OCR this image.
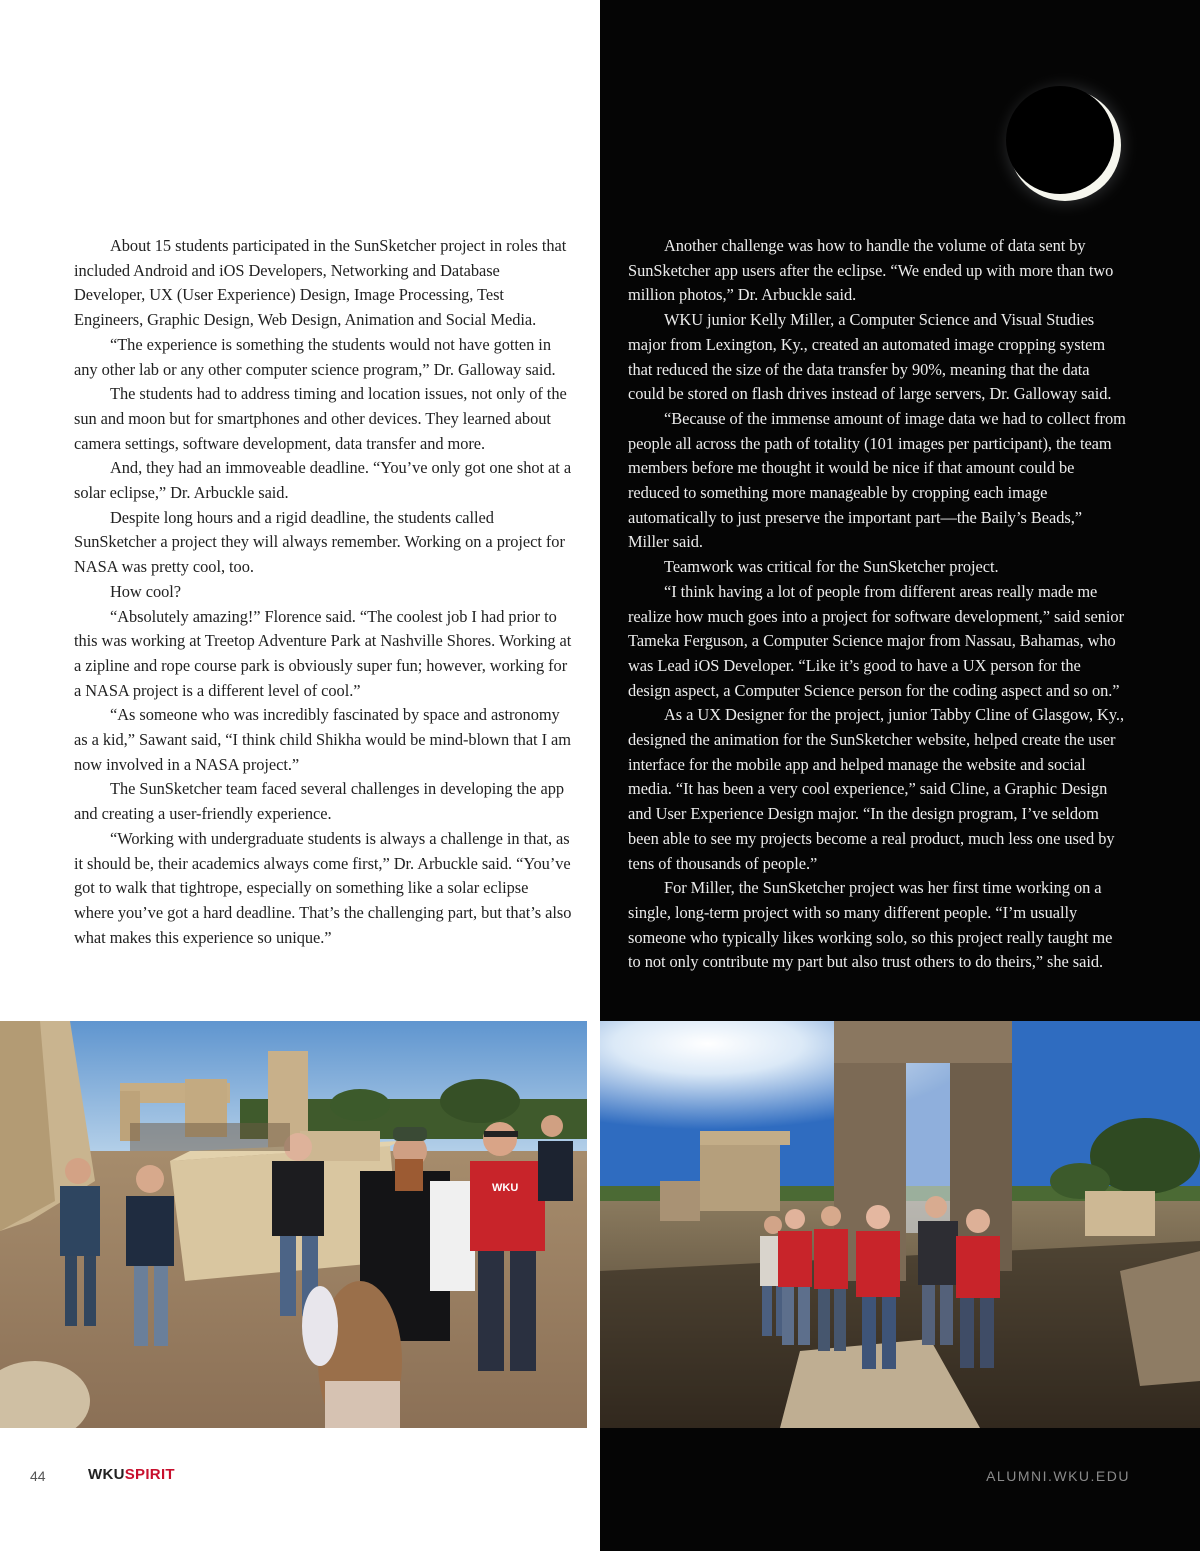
About 15 students participated in the SunSketcher project in roles that included Android and iOS Developers, Networking and Database Developer, UX (User Experience) Design, Image Processing, Test Engineers, Graphic Design, Web Design, Animation and Social Media.

“The experience is something the students would not have gotten in any other lab or any other computer science program,” Dr. Galloway said.

The students had to address timing and location issues, not only of the sun and moon but for smartphones and other devices. They learned about camera settings, software development, data transfer and more.

And, they had an immoveable deadline. “You’ve only got one shot at a solar eclipse,” Dr. Arbuckle said.

Despite long hours and a rigid deadline, the students called SunSketcher a project they will always remember. Working on a project for NASA was pretty cool, too.

How cool?

“Absolutely amazing!” Florence said. “The coolest job I had prior to this was working at Treetop Adventure Park at Nashville Shores. Working at a zipline and rope course park is obviously super fun; however, working for a NASA project is a different level of cool.”

“As someone who was incredibly fascinated by space and astronomy as a kid,” Sawant said, “I think child Shikha would be mind-blown that I am now involved in a NASA project.”

The SunSketcher team faced several challenges in developing the app and creating a user-friendly experience.

“Working with undergraduate students is always a challenge in that, as it should be, their academics always come first,” Dr. Arbuckle said. “You’ve got to walk that tightrope, especially on something like a solar eclipse where you’ve got a hard deadline. That’s the challenging part, but that’s also what makes this experience so unique.”

Another challenge was how to handle the volume of data sent by SunSketcher app users after the eclipse. “We ended up with more than two million photos,” Dr. Arbuckle said.

WKU junior Kelly Miller, a Computer Science and Visual Studies major from Lexington, Ky., created an automated image cropping system that reduced the size of the data transfer by 90%, meaning that the data could be stored on flash drives instead of large servers, Dr. Galloway said.

“Because of the immense amount of image data we had to collect from people all across the path of totality (101 images per participant), the team members before me thought it would be nice if that amount could be reduced to something more manageable by cropping each image automatically to just preserve the important part—the Baily’s Beads,” Miller said.

Teamwork was critical for the SunSketcher project.

“I think having a lot of people from different areas really made me realize how much goes into a project for software development,” said senior Tameka Ferguson, a Computer Science major from Nassau, Bahamas, who was Lead iOS Developer. “Like it’s good to have a UX person for the design aspect, a Computer Science person for the coding aspect and so on.”

As a UX Designer for the project, junior Tabby Cline of Glasgow, Ky., designed the animation for the SunSketcher website, helped create the user interface for the mobile app and helped manage the website and social media. “It has been a very cool experience,” said Cline, a Graphic Design and User Experience Design major. “In the design program, I’ve seldom been able to see my projects become a real product, much less one used by tens of thousands of people.”

For Miller, the SunSketcher project was her first time working on a single, long-term project with so many different people. “I’m usually someone who typically likes working solo, so this project really taught me to not only contribute my part but also trust others to do theirs,” she said.

WKU
44	WKUSPIRIT	ALUMNI.WKU.EDU
